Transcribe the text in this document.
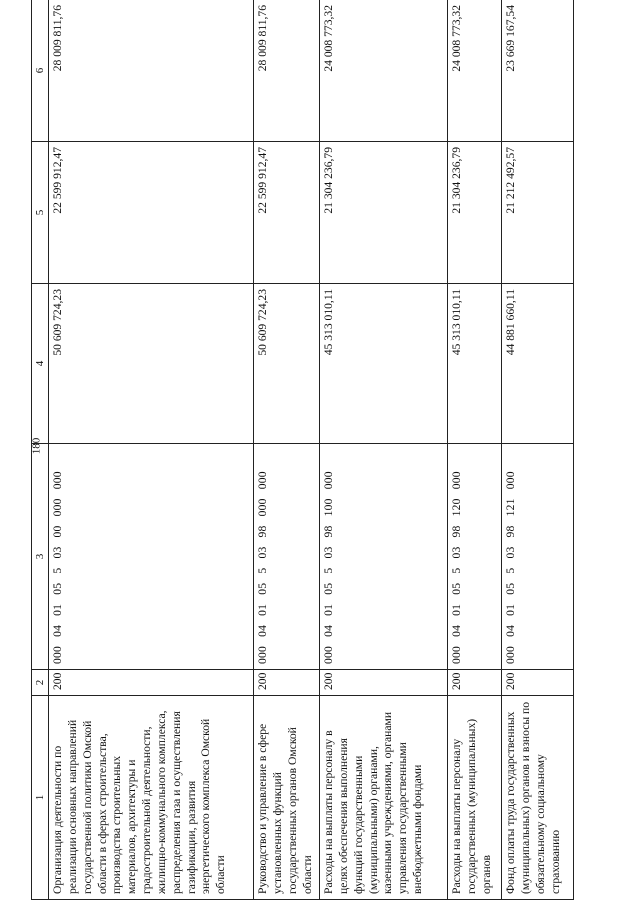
180
1	2	3	4	5	6
Организация деятельности по реализации основных направлений государственной политики Омской области в сферах строительства, производства строительных материалов, архитектуры и градостроительной деятельности, жилищно-коммунального комплекса, распределения газа и осуществления газификации, развития энергетического комплекса Омской области	200	000 04 01 05 5 03 00 000 000	50 609 724,23	22 599 912,47	28 009 811,76
Руководство и управление в сфере установленных функций государственных органов Омской области	200	000 04 01 05 5 03 98 000 000	50 609 724,23	22 599 912,47	28 009 811,76
Расходы на выплаты персоналу в целях обеспечения выполнения функций государственными (муниципальными) органами, казенными учреждениями, органами управления государственными внебюджетными фондами	200	000 04 01 05 5 03 98 100 000	45 313 010,11	21 304 236,79	24 008 773,32
Расходы на выплаты персоналу государственных (муниципальных) органов	200	000 04 01 05 5 03 98 120 000	45 313 010,11	21 304 236,79	24 008 773,32
Фонд оплаты труда государственных (муниципальных) органов и взносы по обязательному социальному страхованию	200	000 04 01 05 5 03 98 121 000	44 881 660,11	21 212 492,57	23 669 167,54
